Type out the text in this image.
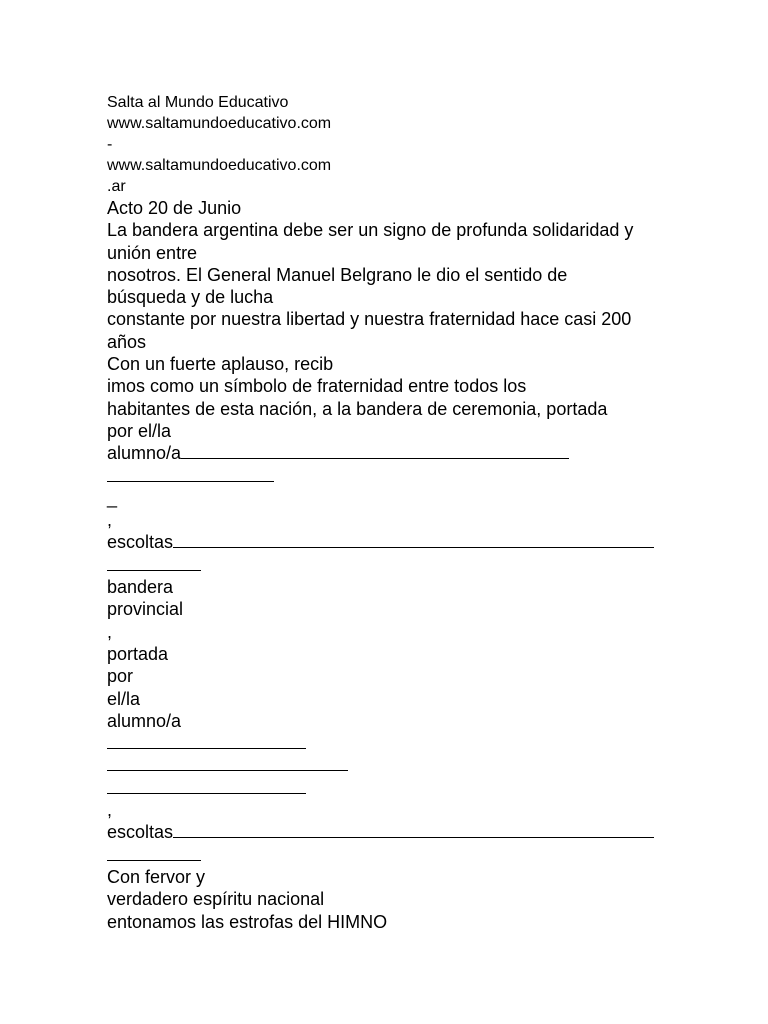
Salta al Mundo Educativo
www.saltamundoeducativo.com
-
www.saltamundoeducativo.com
.ar
Acto 20 de Junio
La bandera argentina debe ser un signo de profunda solidaridad y
unión entre
nosotros. El General Manuel Belgrano le dio el sentido de
búsqueda y de lucha
constante por nuestra libertad y nuestra fraternidad hace casi 200
años
Con un fuerte aplauso, recib
imos como un símbolo de fraternidad entre todos los
habitantes de esta nación, a la bandera de ceremonia, portada
por el/la
alumno/a
_
,
escoltas
bandera
provincial
,
portada
por
el/la
alumno/a
,
escoltas
Con fervor y
verdadero espíritu nacional
entonamos las estrofas del HIMNO
